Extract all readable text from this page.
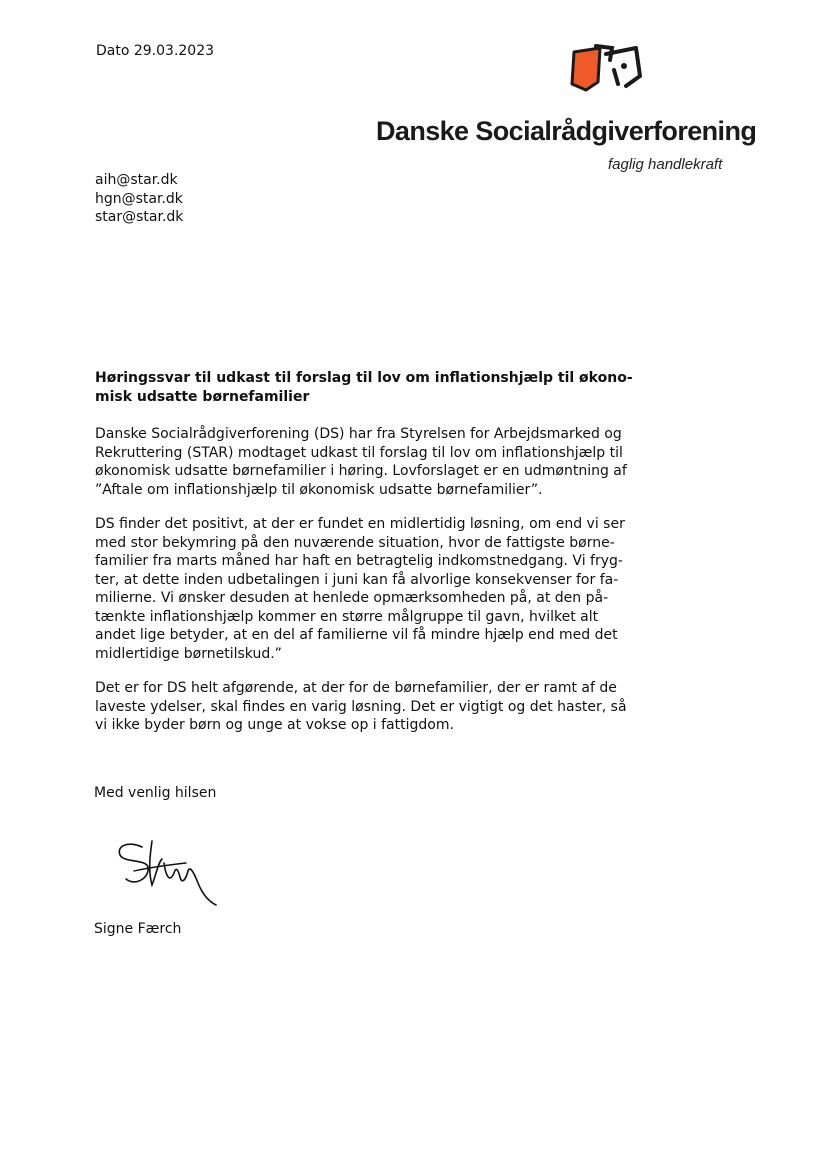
Dato 29.03.2023
Danske Socialrådgiverforening
faglig handlekraft
aih@star.dk
hgn@star.dk
star@star.dk
Høringssvar til udkast til forslag til lov om inflationshjælp til økono-
misk udsatte børnefamilier
Danske Socialrådgiverforening (DS) har fra Styrelsen for Arbejdsmarked og
Rekruttering (STAR) modtaget udkast til forslag til lov om inflationshjælp til
økonomisk udsatte børnefamilier i høring. Lovforslaget er en udmøntning af
”Aftale om inflationshjælp til økonomisk udsatte børnefamilier”.
DS finder det positivt, at der er fundet en midlertidig løsning, om end vi ser
med stor bekymring på den nuværende situation, hvor de fattigste børne-
familier fra marts måned har haft en betragtelig indkomstnedgang. Vi fryg-
ter, at dette inden udbetalingen i juni kan få alvorlige konsekvenser for fa-
milierne. Vi ønsker desuden at henlede opmærksomheden på, at den på-
tænkte inflationshjælp kommer en større målgruppe til gavn, hvilket alt
andet lige betyder, at en del af familierne vil få mindre hjælp end med det
midlertidige børnetilskud.”
Det er for DS helt afgørende, at der for de børnefamilier, der er ramt af de
laveste ydelser, skal findes en varig løsning. Det er vigtigt og det haster, så
vi ikke byder børn og unge at vokse op i fattigdom.
Med venlig hilsen
Signe Færch
